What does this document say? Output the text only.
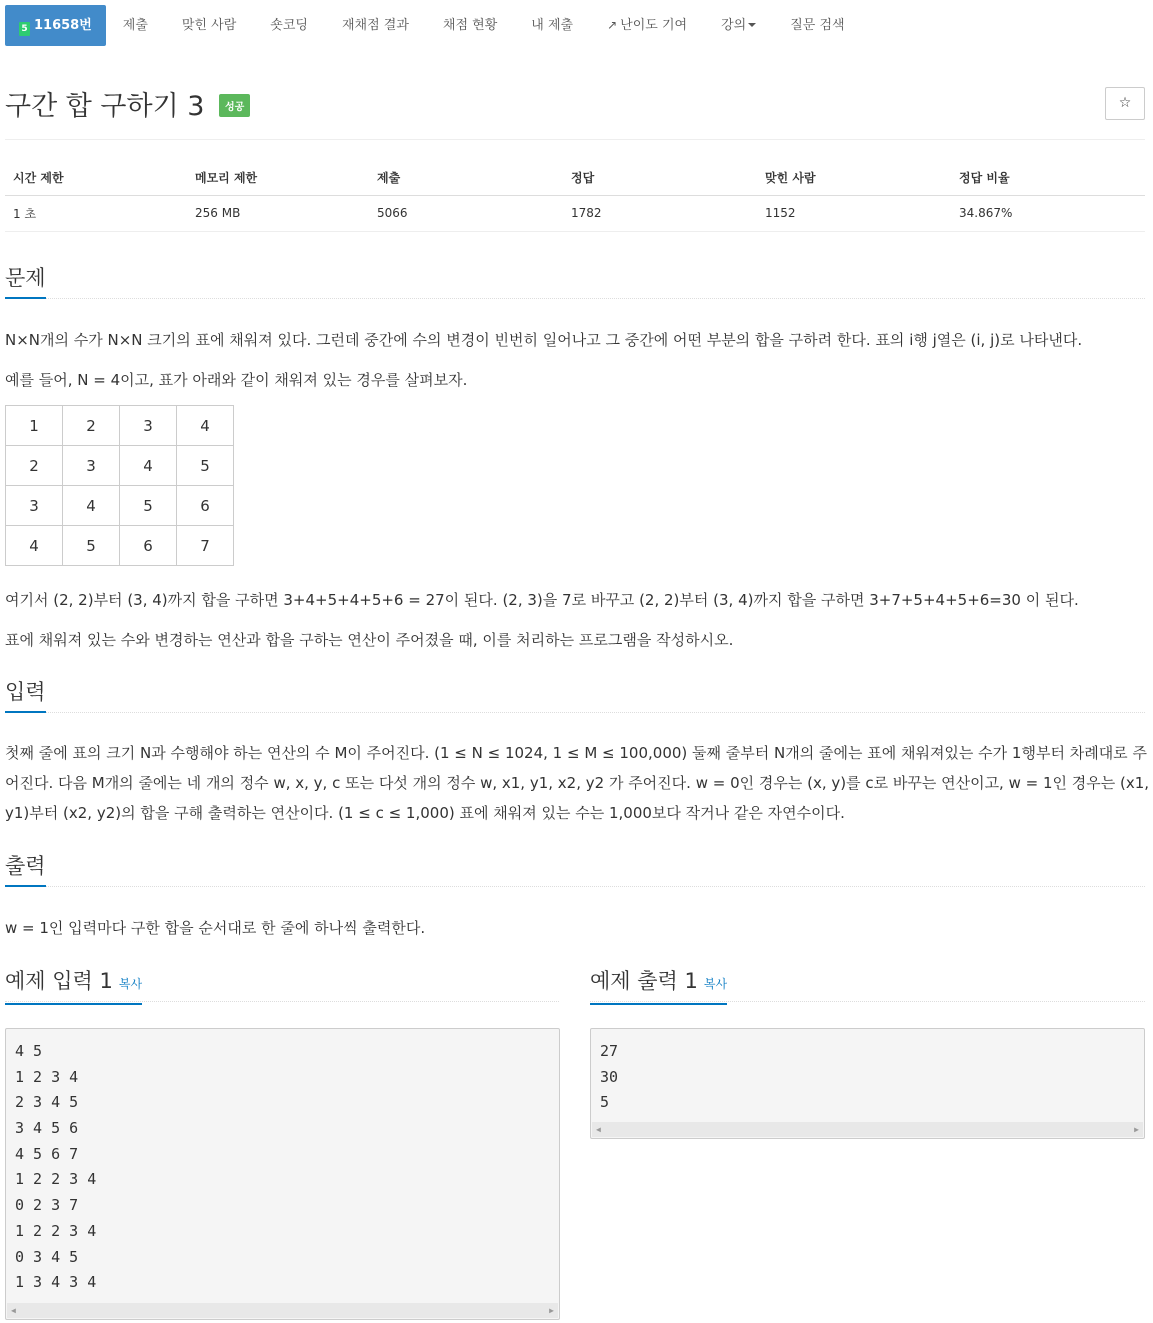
5 11658번	제출	맞힌 사람	숏코딩	재채점 결과	채점 현황	내 제출	↗ 난이도 기여	강의	질문 검색
구간 합 구하기 3 성공	☆
시간 제한	메모리 제한	제출	정답	맞힌 사람	정답 비율
1 초	256 MB	5066	1782	1152	34.867%
문제
N×N개의 수가 N×N 크기의 표에 채워져 있다. 그런데 중간에 수의 변경이 빈번히 일어나고 그 중간에 어떤 부분의 합을 구하려 한다. 표의 i행 j열은 (i, j)로 나타낸다.
예를 들어, N = 4이고, 표가 아래와 같이 채워져 있는 경우를 살펴보자.
1	2	3	4
2	3	4	5
3	4	5	6
4	5	6	7
여기서 (2, 2)부터 (3, 4)까지 합을 구하면 3+4+5+4+5+6 = 27이 된다. (2, 3)을 7로 바꾸고 (2, 2)부터 (3, 4)까지 합을 구하면 3+7+5+4+5+6=30 이 된다.
표에 채워져 있는 수와 변경하는 연산과 합을 구하는 연산이 주어졌을 때, 이를 처리하는 프로그램을 작성하시오.
입력
첫째 줄에 표의 크기 N과 수행해야 하는 연산의 수 M이 주어진다. (1 ≤ N ≤ 1024, 1 ≤ M ≤ 100,000) 둘째 줄부터 N개의 줄에는 표에 채워져있는 수가 1행부터 차례대로 주어진다. 다음 M개의 줄에는 네 개의 정수 w, x, y, c 또는 다섯 개의 정수 w, x1, y1, x2, y2 가 주어진다. w = 0인 경우는 (x, y)를 c로 바꾸는 연산이고, w = 1인 경우는 (x1, y1)부터 (x2, y2)의 합을 구해 출력하는 연산이다. (1 ≤ c ≤ 1,000) 표에 채워져 있는 수는 1,000보다 작거나 같은 자연수이다.
출력
w = 1인 입력마다 구한 합을 순서대로 한 줄에 하나씩 출력한다.
예제 입력 1 복사	예제 출력 1 복사
4 5
1 2 3 4
2 3 4 5
3 4 5 6
4 5 6 7
1 2 2 3 4
0 2 3 7
1 2 2 3 4
0 3 4 5
1 3 4 3 4
◀	▶
27
30
5
◀	▶
